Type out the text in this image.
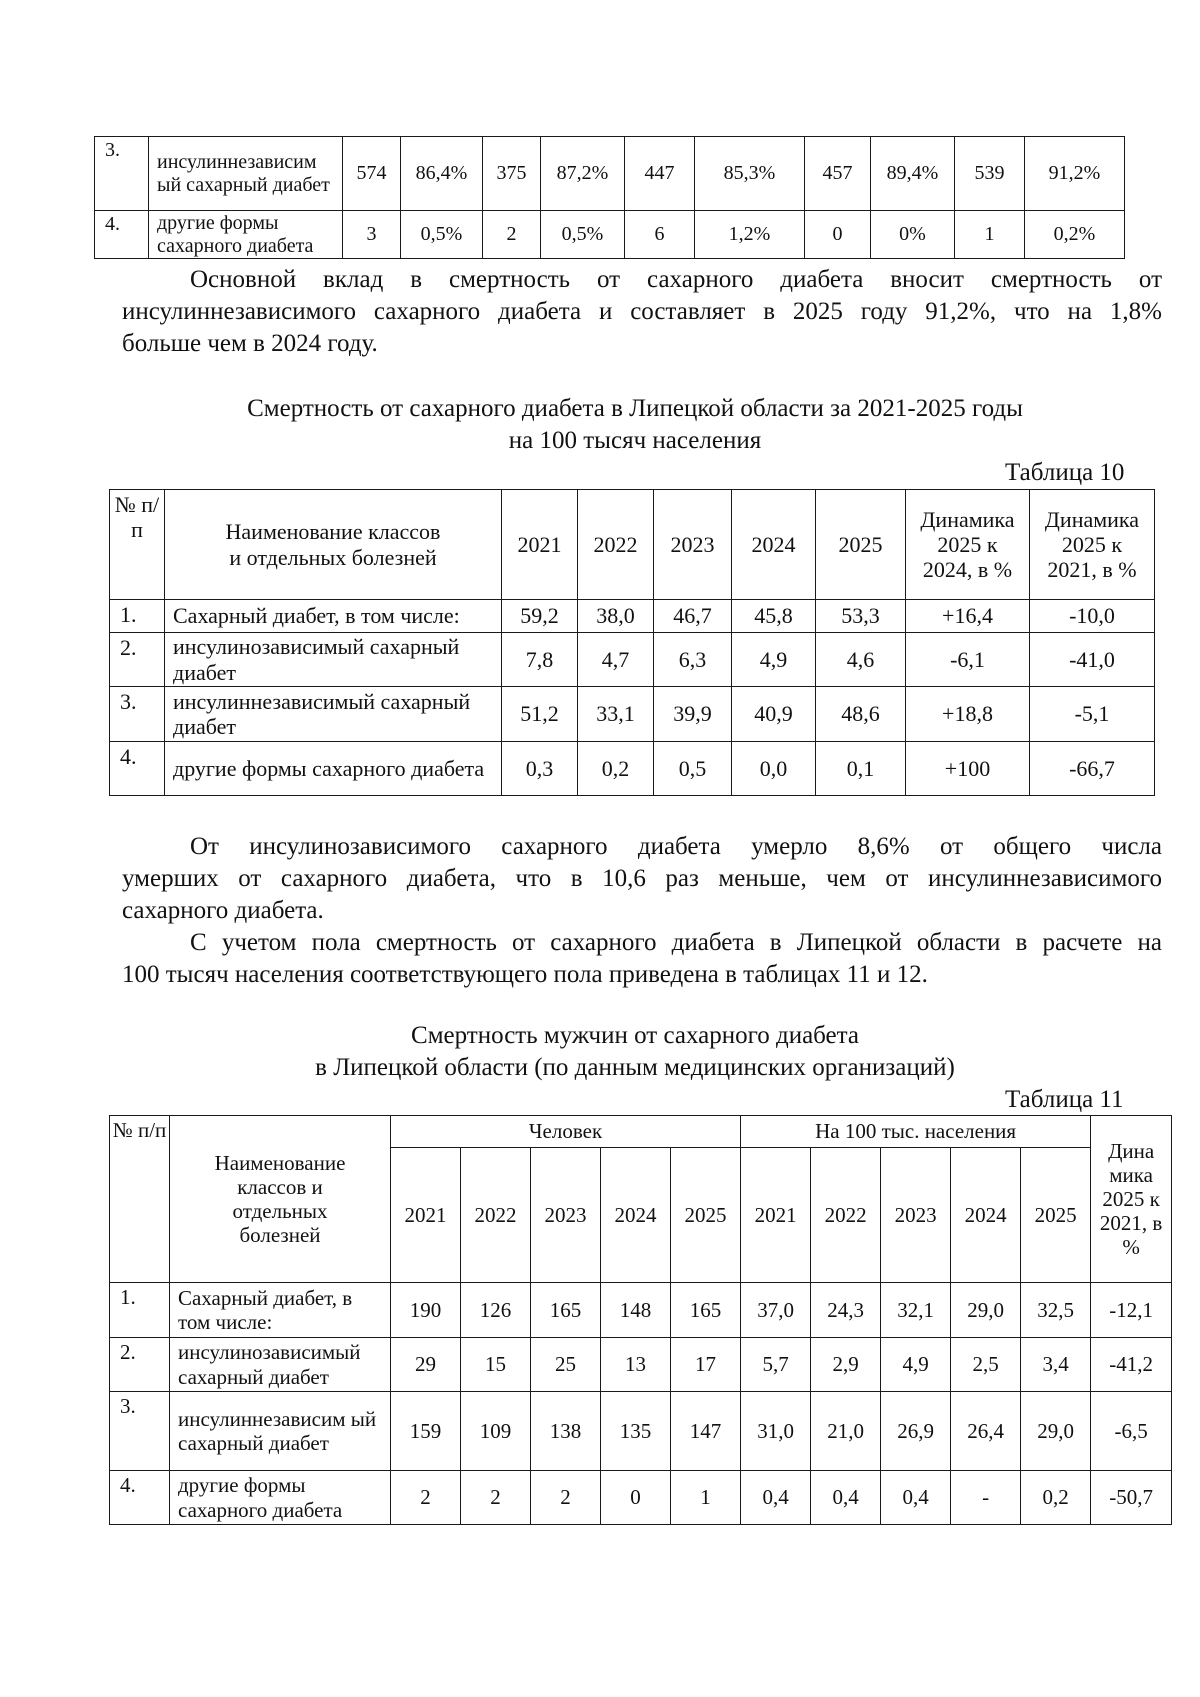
3.	инсулиннезависим ый сахарный диабет	574	86,4%	375	87,2%	447	85,3%	457	89,4%	539	91,2%
4.	другие формы сахарного диабета	3	0,5%	2	0,5%	6	1,2%	0	0%	1	0,2%
Основной вклад в смертность от сахарного диабета вносит смертность от
инсулиннезависимого сахарного диабета и составляет в 2025 году 91,2%, что на 1,8%
больше чем в 2024 году.

Смертность от сахарного диабета в Липецкой области за 2021-2025 годы

на 100 тысяч населения

Таблица 10
№ п/п	Наименование классов и отдельных болезней	2021	2022	2023	2024	2025	Динамика 2025 к 2024, в %	Динамика 2025 к 2021, в %
1.	Сахарный диабет, в том числе:	59,2	38,0	46,7	45,8	53,3	+16,4	-10,0
2.	инсулинозависимый сахарный диабет	7,8	4,7	6,3	4,9	4,6	-6,1	-41,0
3.	инсулиннезависимый сахарный диабет	51,2	33,1	39,9	40,9	48,6	+18,8	-5,1
4.	другие формы сахарного диабета	0,3	0,2	0,5	0,0	0,1	+100	-66,7
От инсулинозависимого сахарного диабета умерло 8,6% от общего числа
умерших от сахарного диабета, что в 10,6 раз меньше, чем от инсулиннезависимого
сахарного диабета.
С учетом пола смертность от сахарного диабета в Липецкой области в расчете на
100 тысяч населения соответствующего пола приведена в таблицах 11 и 12.

Смертность мужчин от сахарного диабета

в Липецкой области (по данным медицинских организаций)

Таблица 11
№ п/п	Наименование классов и отдельных болезней	Человек					На 100 тыс. населения					Дина мика 2025 к 2021, в %
		2021	2022	2023	2024	2025	2021	2022	2023	2024	2025	
1.	Сахарный диабет, в том числе:	190	126	165	148	165	37,0	24,3	32,1	29,0	32,5	-12,1
2.	инсулинозависимый сахарный диабет	29	15	25	13	17	5,7	2,9	4,9	2,5	3,4	-41,2
3.	инсулиннезависим ый сахарный диабет	159	109	138	135	147	31,0	21,0	26,9	26,4	29,0	-6,5
4.	другие формы сахарного диабета	2	2	2	0	1	0,4	0,4	0,4	-	0,2	-50,7
